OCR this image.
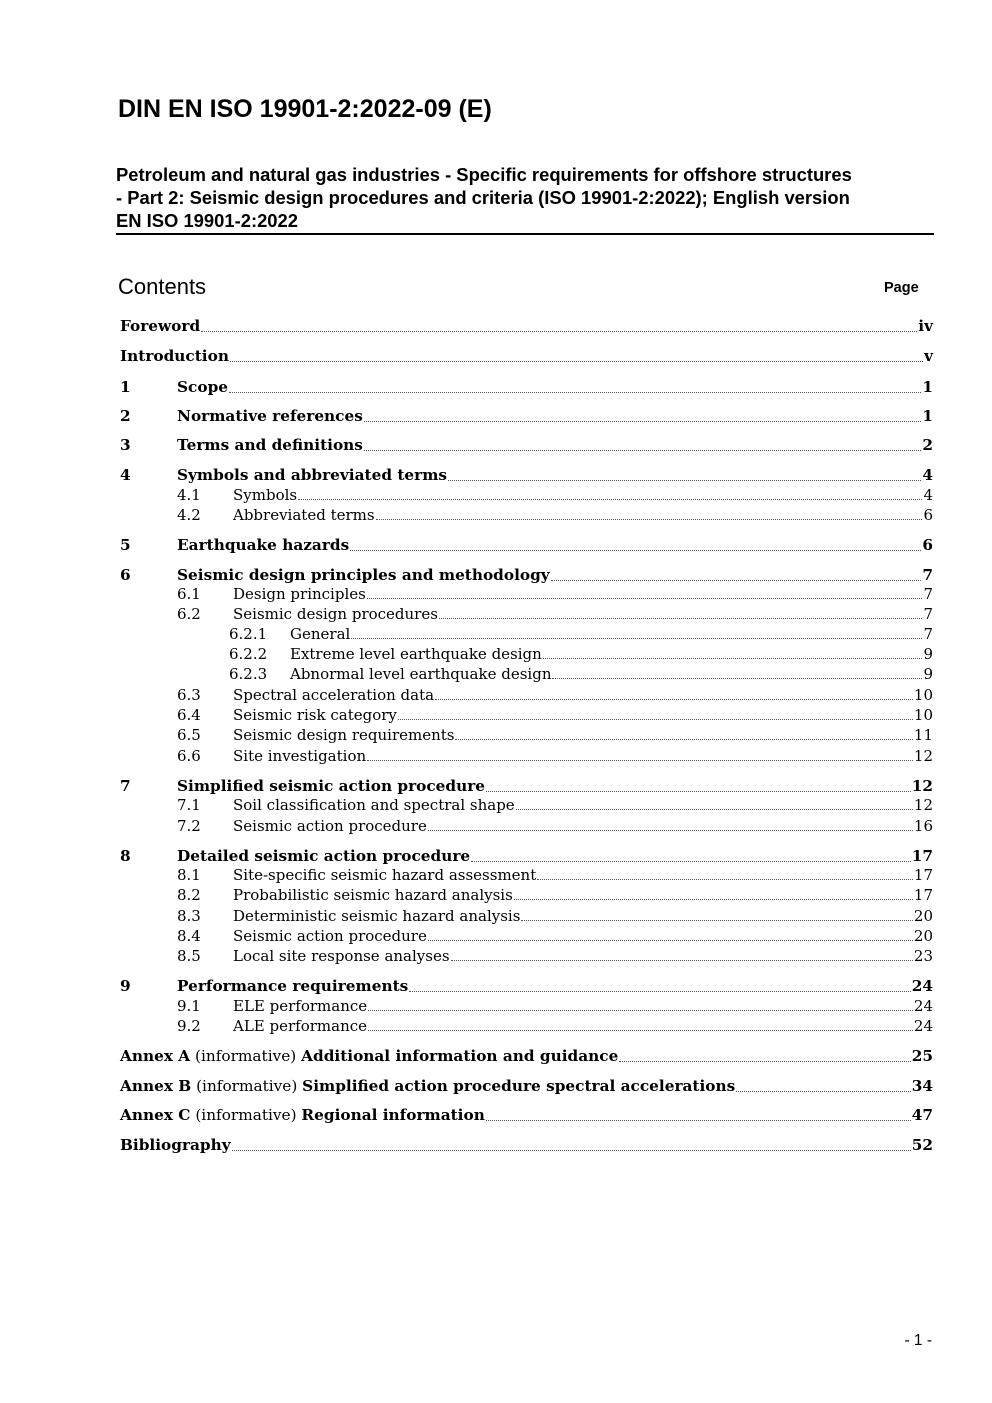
DIN EN ISO 19901-2:2022-09 (E)
Petroleum and natural gas industries - Specific requirements for offshore structures
- Part 2: Seismic design procedures and criteria (ISO 19901-2:2022); English version
EN ISO 19901-2:2022
Contents	Page
Foreword	iv
Introduction	v
1	Scope	1
2	Normative references	1
3	Terms and definitions	2
4	Symbols and abbreviated terms	4
4.1	Symbols	4
4.2	Abbreviated terms	6
5	Earthquake hazards	6
6	Seismic design principles and methodology	7
6.1	Design principles	7
6.2	Seismic design procedures	7
6.2.1	General	7
6.2.2	Extreme level earthquake design	9
6.2.3	Abnormal level earthquake design	9
6.3	Spectral acceleration data	10
6.4	Seismic risk category	10
6.5	Seismic design requirements	11
6.6	Site investigation	12
7	Simplified seismic action procedure	12
7.1	Soil classification and spectral shape	12
7.2	Seismic action procedure	16
8	Detailed seismic action procedure	17
8.1	Site-specific seismic hazard assessment	17
8.2	Probabilistic seismic hazard analysis	17
8.3	Deterministic seismic hazard analysis	20
8.4	Seismic action procedure	20
8.5	Local site response analyses	23
9	Performance requirements	24
9.1	ELE performance	24
9.2	ALE performance	24
Annex A (informative) Additional information and guidance	25
Annex B (informative) Simplified action procedure spectral accelerations	34
Annex C (informative) Regional information	47
Bibliography	52
- 1 -
